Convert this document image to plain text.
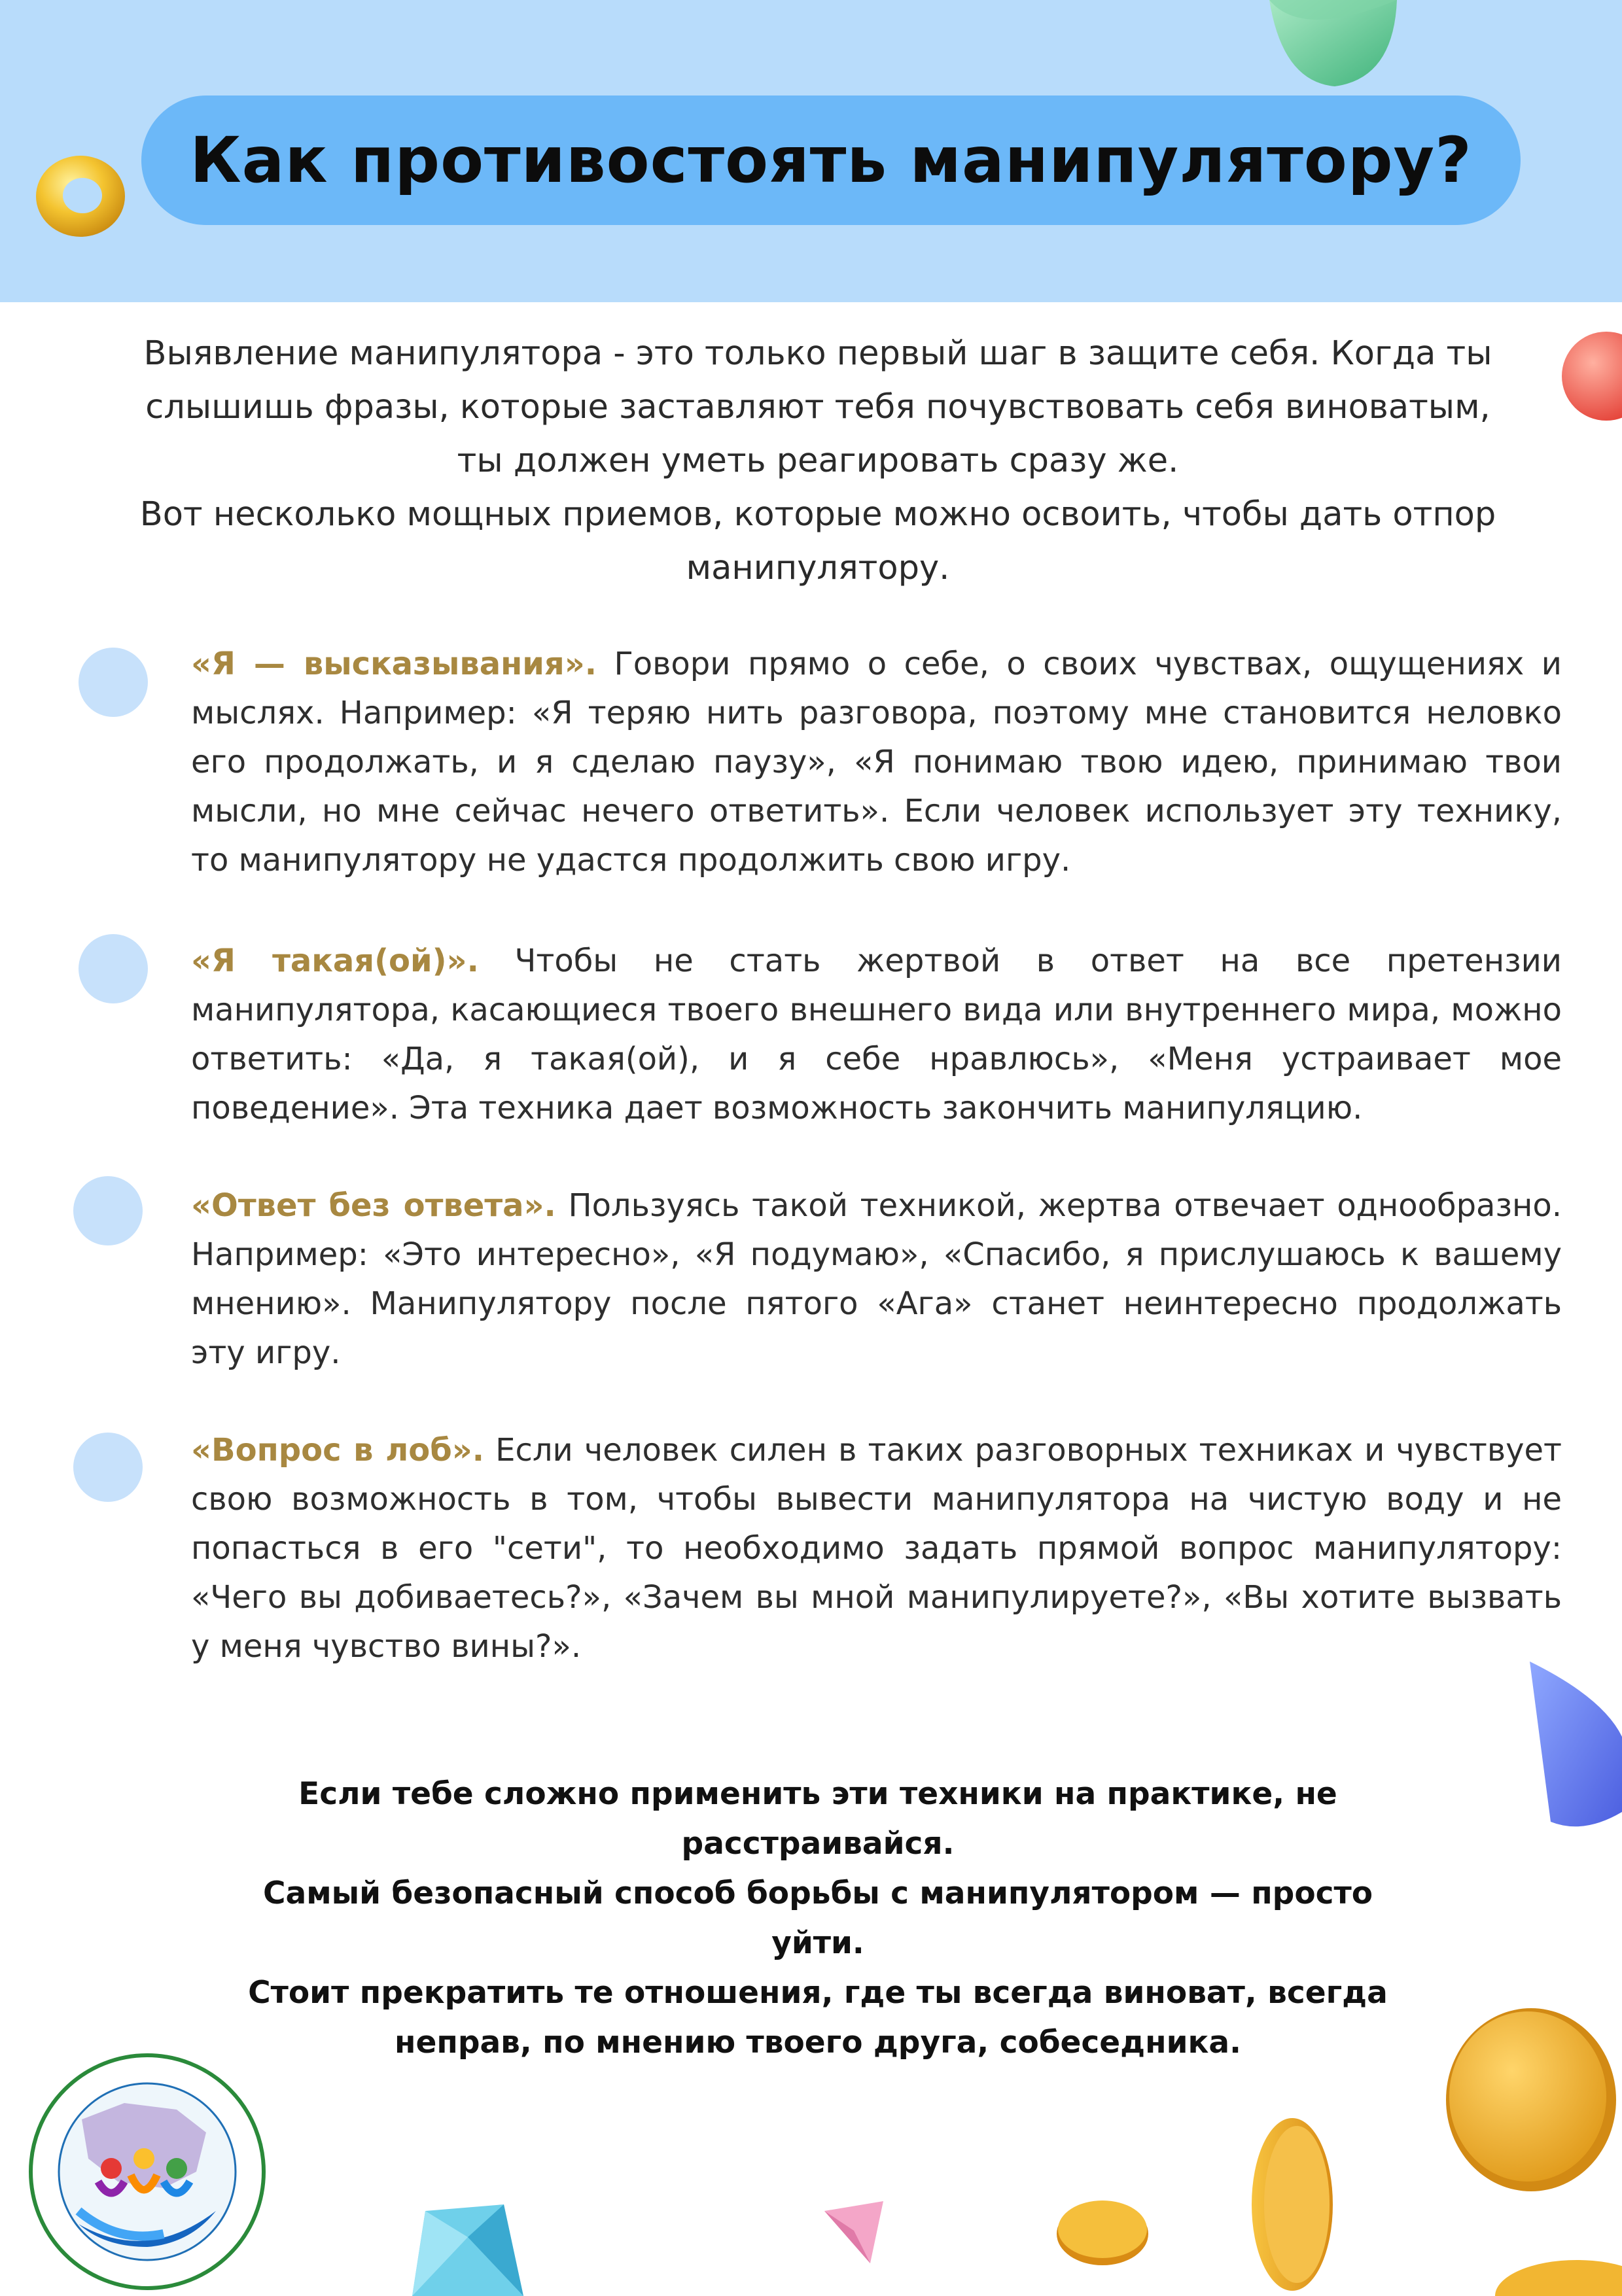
Как противостоять манипулятору?

Выявление манипулятора - это только первый шаг в защите себя. Когда ты слышишь фразы, которые заставляют тебя почувствовать себя виноватым, ты должен уметь реагировать сразу же.

Вот несколько мощных приемов, которые можно освоить, чтобы дать отпор манипулятору.

«Я — высказывания». Говори прямо о себе, о своих чувствах, ощущениях и мыслях. Например: «Я теряю нить разговора, поэтому мне становится неловко его продолжать, и я сделаю паузу», «Я понимаю твою идею, принимаю твои мысли, но мне сейчас нечего ответить». Если человек использует эту технику, то манипулятору не удастся продолжить свою игру.
«Я такая(ой)». Чтобы не стать жертвой в ответ на все претензии манипулятора, касающиеся твоего внешнего вида или внутреннего мира, можно ответить: «Да, я такая(ой), и я себе нравлюсь», «Меня устраивает мое поведение». Эта техника дает возможность закончить манипуляцию.
«Ответ без ответа». Пользуясь такой техникой, жертва отвечает однообразно. Например: «Это интересно», «Я подумаю», «Спасибо, я прислушаюсь к вашему мнению». Манипулятору после пятого «Ага» станет неинтересно продолжать эту игру.
«Вопрос в лоб». Если человек силен в таких разговорных техниках и чувствует свою возможность в том, чтобы вывести манипулятора на чистую воду и не попасться в его "сети", то необходимо задать прямой вопрос манипулятору: «Чего вы добиваетесь?», «Зачем вы мной манипулируете?», «Вы хотите вызвать у меня чувство вины?».

Если тебе сложно применить эти техники на практике, не расстраивайся.

Самый безопасный способ борьбы с манипулятором — просто уйти.

Стоит прекратить те отношения, где ты всегда виноват, всегда неправ, по мнению твоего друга, собеседника.
